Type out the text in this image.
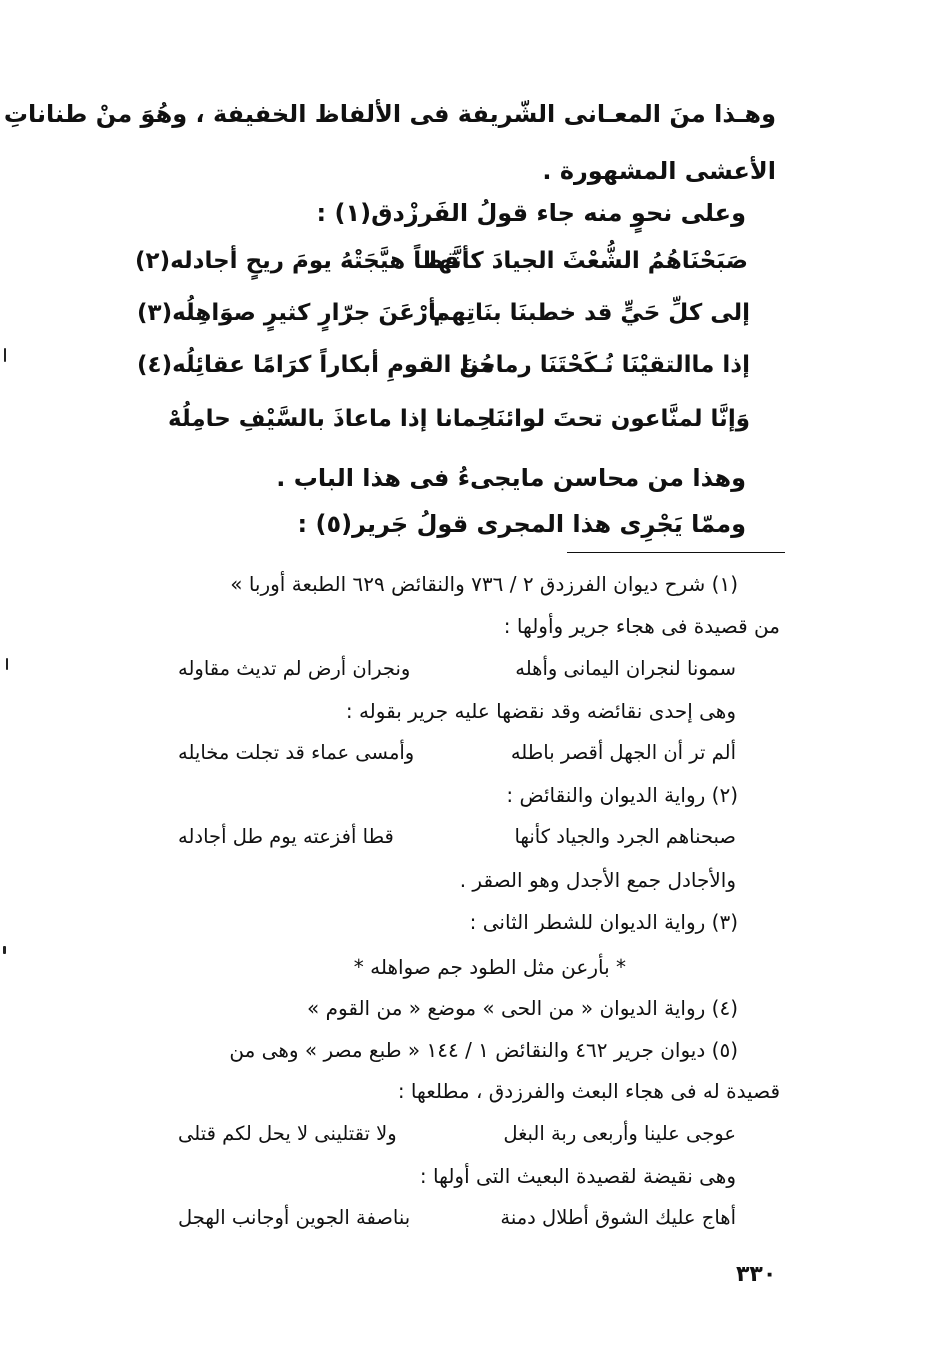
وهـذا منَ المعـانى الشّريفة فى الألفاظ الخفيفة ، وهُوَ منْ طناناتِ
الأعشى المشهورة .
وعلى نحوٍ منه جاء قولُ الفَرزْدق(١) :
صَبَحْنَاهُمُ الشُّعْثَ الجيادَ كأنَّها
قطاً هيَّجَتْهُ يومَ ريحٍ أجادله(٢)
إلى كلِّ حَيٍّ قد خطبنَا بنَاتِهم
بأرْعَنَ جرّارٍ كثيرٍ صوَاهِلُه(٣)
إذا ماالتقيْنَا نُـكَحْتَنَا رماحُنا
منَ القومِ أبكاراً كرَامًا عقائِلُه(٤)
وَإنَّا لمنَّاعون تحتَ لوائنَا
حِمانا إذا ماعاذَ بالسَّيْفِ حامِلُهْ
وهذا من محاسن مايجىءُ فى هذا الباب .
وممّا يَجْرِى هذا المجرى قولُ جَرير(٥) :
(١) شرح ديوان الفرزدق ٢ / ٧٣٦ والنقائض ٦٢٩ الطبعة أوربا »
من قصيدة فى هجاء جرير وأولها :
سمونا لنجران اليمانى وأهله
ونجران أرض لم تديث مقاوله
وهى إحدى نقائضه وقد نقضها عليه جرير بقوله :
ألم تر أن الجهل أقصر باطله
وأمسى عماء قد تجلت مخايله
(٢) رواية الديوان والنقائض :
صبحناهم الجرد والجياد كأنها
قطا أفزعته يوم طل أجادله
والأجادل جمع الأجدل وهو الصقر .
(٣) رواية الديوان للشطر الثانى :
* بأرعن مثل الطود جم صواهله *
(٤) رواية الديوان « من الحى » موضع « من القوم »
(٥) ديوان جرير ٤٦٢ والنقائض ١ / ١٤٤ « طبع مصر » وهى من
قصيدة له فى هجاء البعث والفرزدق ، مطلعها :
عوجى علينا وأربعى ربة البغل
ولا تقتلينى لا يحل لكم قتلى
وهى نقيضة لقصيدة البعيث التى أولها :
أهاج عليك الشوق أطلال دمنة
بناصفة الجوين أوجانب الهجل
٣٣٠
